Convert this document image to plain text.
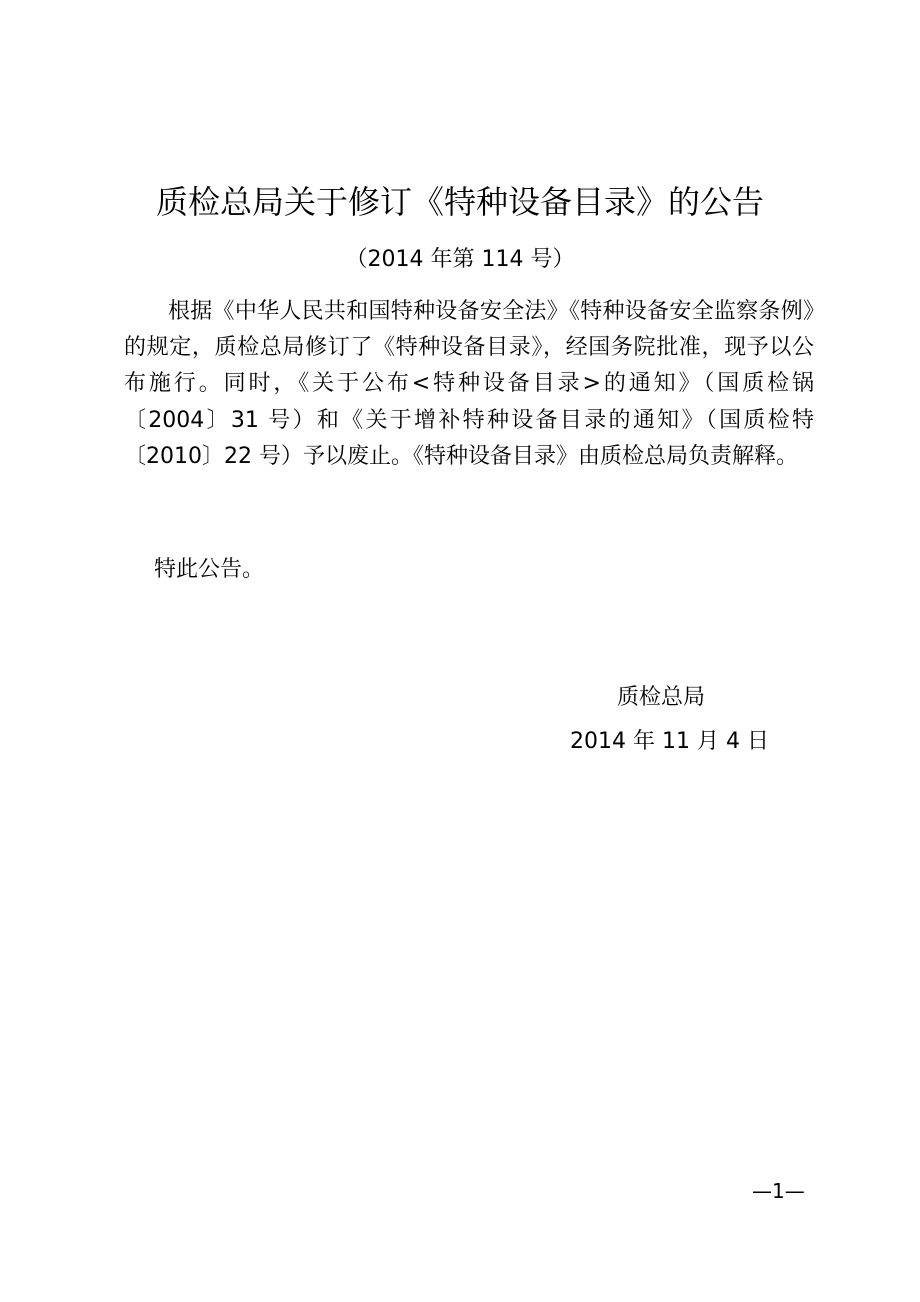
质检总局关于修订《特种设备目录》的公告
（2014 年第 114 号）

根据《中华人民共和国特种设备安全法》《特种设备安全监察条例》的规定，质检总局修订了《特种设备目录》，经国务院批准，现予以公布施行。同时，《关于公布<特种设备目录>的通知》（国质检锅〔2004〕31 号）和《关于增补特种设备目录的通知》（国质检特〔2010〕22 号）予以废止。《特种设备目录》由质检总局负责解释。

特此公告。
质检总局
2014 年 11 月 4 日
—1—
